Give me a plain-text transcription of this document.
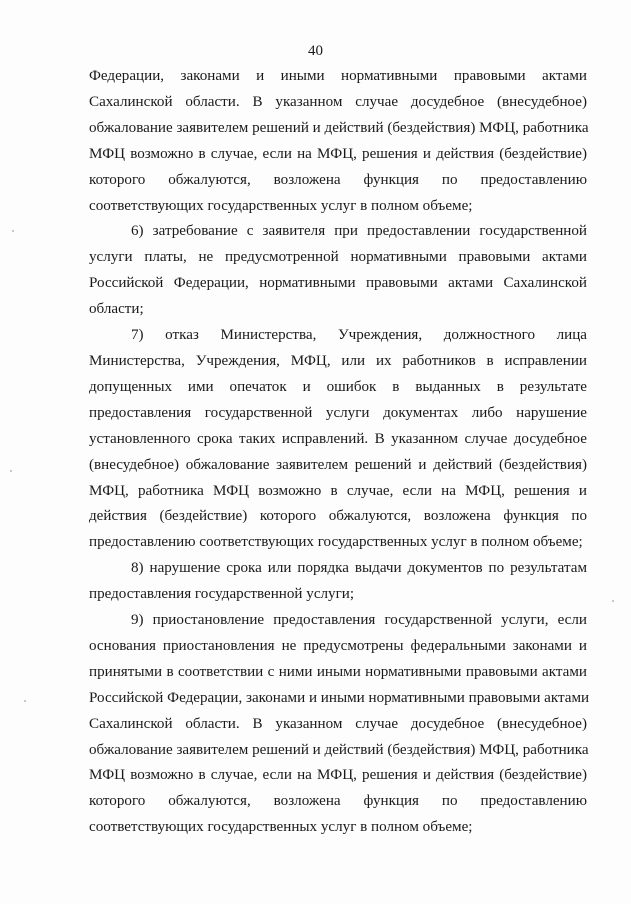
40
Федерации, законами и иными нормативными правовыми актами
Сахалинской области. В указанном случае досудебное (внесудебное)
обжалование заявителем решений и действий (бездействия) МФЦ, работника
МФЦ возможно в случае, если на МФЦ, решения и действия (бездействие)
которого обжалуются, возложена функция по предоставлению
соответствующих государственных услуг в полном объеме;
6) затребование с заявителя при предоставлении государственной
услуги платы, не предусмотренной нормативными правовыми актами
Российской Федерации, нормативными правовыми актами Сахалинской
области;
7) отказ Министерства, Учреждения, должностного лица
Министерства, Учреждения, МФЦ, или их работников в исправлении
допущенных ими опечаток и ошибок в выданных в результате
предоставления государственной услуги документах либо нарушение
установленного срока таких исправлений. В указанном случае досудебное
(внесудебное) обжалование заявителем решений и действий (бездействия)
МФЦ, работника МФЦ возможно в случае, если на МФЦ, решения и
действия (бездействие) которого обжалуются, возложена функция по
предоставлению соответствующих государственных услуг в полном объеме;
8) нарушение срока или порядка выдачи документов по результатам
предоставления государственной услуги;
9) приостановление предоставления государственной услуги, если
основания приостановления не предусмотрены федеральными законами и
принятыми в соответствии с ними иными нормативными правовыми актами
Российской Федерации, законами и иными нормативными правовыми актами
Сахалинской области. В указанном случае досудебное (внесудебное)
обжалование заявителем решений и действий (бездействия) МФЦ, работника
МФЦ возможно в случае, если на МФЦ, решения и действия (бездействие)
которого обжалуются, возложена функция по предоставлению
соответствующих государственных услуг в полном объеме;
